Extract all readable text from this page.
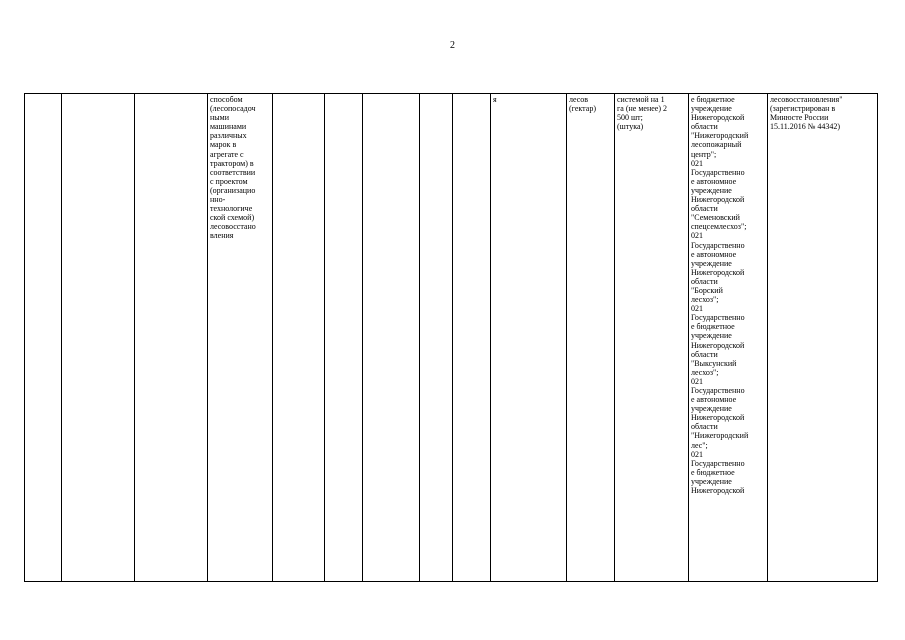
2
			способом
(лесопосадоч
ными
машинами
различных
марок в
агрегате с
трактором) в
соответствии
с проектом
(организацио
нно-
технологиче
ской схемой)
лесовосстано
вления						я	лесов
(гектар)	системой на 1
га (не менее) 2
500 шт;
(штука)	е бюджетное
учреждение
Нижегородской
области
"Нижегородский
лесопожарный
центр";
021
Государственно
е автономное
учреждение
Нижегородской
области
"Семеновский
спецсемлесхоз";
021
Государственно
е автономное
учреждение
Нижегородской
области
"Борский
лесхоз";
021
Государственно
е бюджетное
учреждение
Нижегородской
области
"Выксунский
лесхоз";
021
Государственно
е автономное
учреждение
Нижегородской
области
"Нижегородский
лес";
021
Государственно
е бюджетное
учреждение
Нижегородской	лесовосстановления"
(зарегистрирован в
Минюсте России
15.11.2016 № 44342)
